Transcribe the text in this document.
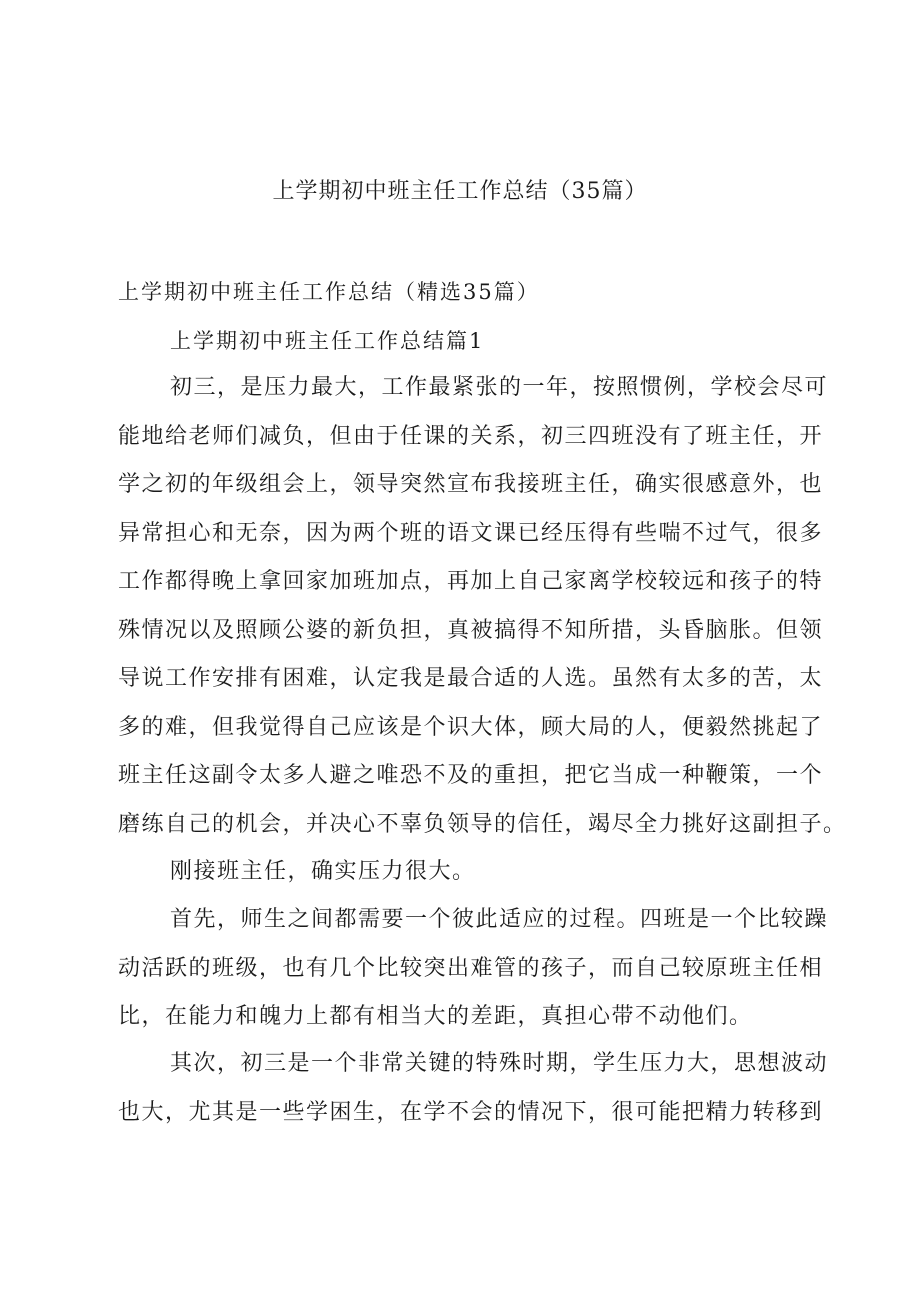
上学期初中班主任工作总结（35篇）

上学期初中班主任工作总结（精选35篇）

上学期初中班主任工作总结篇1

初三，是压力最大，工作最紧张的一年，按照惯例，学校会尽可
能地给老师们减负，但由于任课的关系，初三四班没有了班主任，开
学之初的年级组会上，领导突然宣布我接班主任，确实很感意外，也
异常担心和无奈，因为两个班的语文课已经压得有些喘不过气，很多
工作都得晚上拿回家加班加点，再加上自己家离学校较远和孩子的特
殊情况以及照顾公婆的新负担，真被搞得不知所措，头昏脑胀。但领
导说工作安排有困难，认定我是最合适的人选。虽然有太多的苦，太
多的难，但我觉得自己应该是个识大体，顾大局的人，便毅然挑起了
班主任这副令太多人避之唯恐不及的重担，把它当成一种鞭策，一个
磨练自己的机会，并决心不辜负领导的信任，竭尽全力挑好这副担子。
刚接班主任，确实压力很大。
首先，师生之间都需要一个彼此适应的过程。四班是一个比较躁
动活跃的班级，也有几个比较突出难管的孩子，而自己较原班主任相
比，在能力和魄力上都有相当大的差距，真担心带不动他们。
其次，初三是一个非常关键的特殊时期，学生压力大，思想波动
也大，尤其是一些学困生，在学不会的情况下，很可能把精力转移到
